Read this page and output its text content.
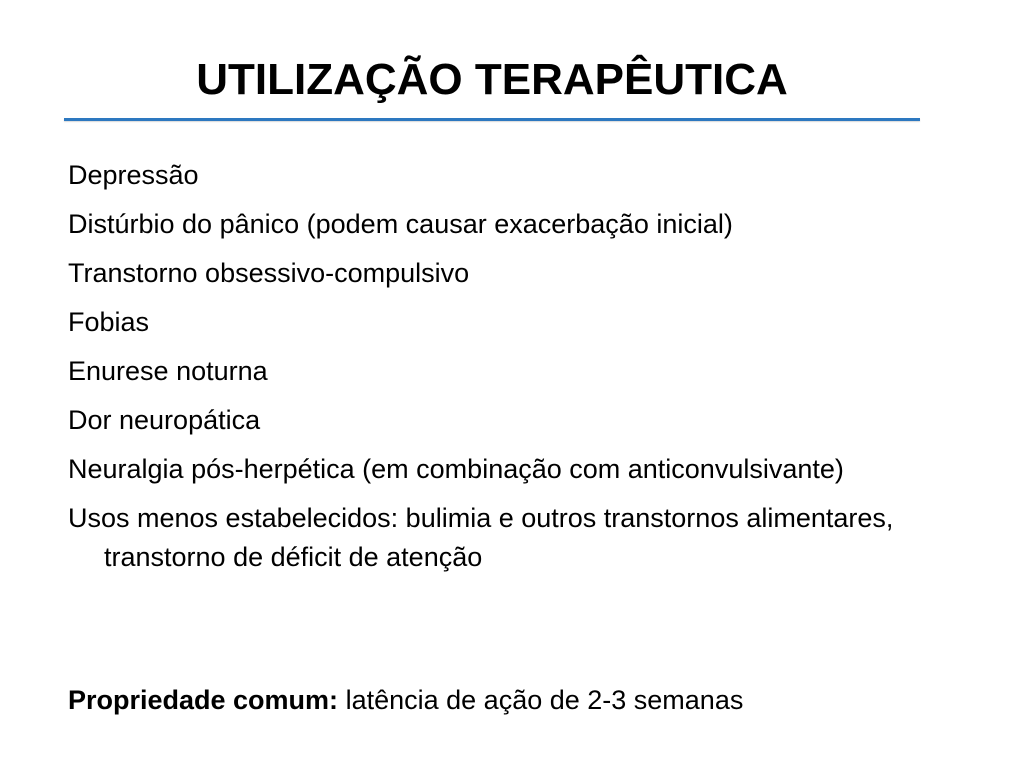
UTILIZAÇÃO TERAPÊUTICA
Depressão
Distúrbio do pânico (podem causar exacerbação inicial)
Transtorno obsessivo-compulsivo
Fobias
Enurese noturna
Dor neuropática
Neuralgia pós-herpética (em combinação com anticonvulsivante)
Usos menos estabelecidos: bulimia e outros transtornos alimentares, transtorno de déficit de atenção
Propriedade comum: latência de ação de 2-3 semanas
